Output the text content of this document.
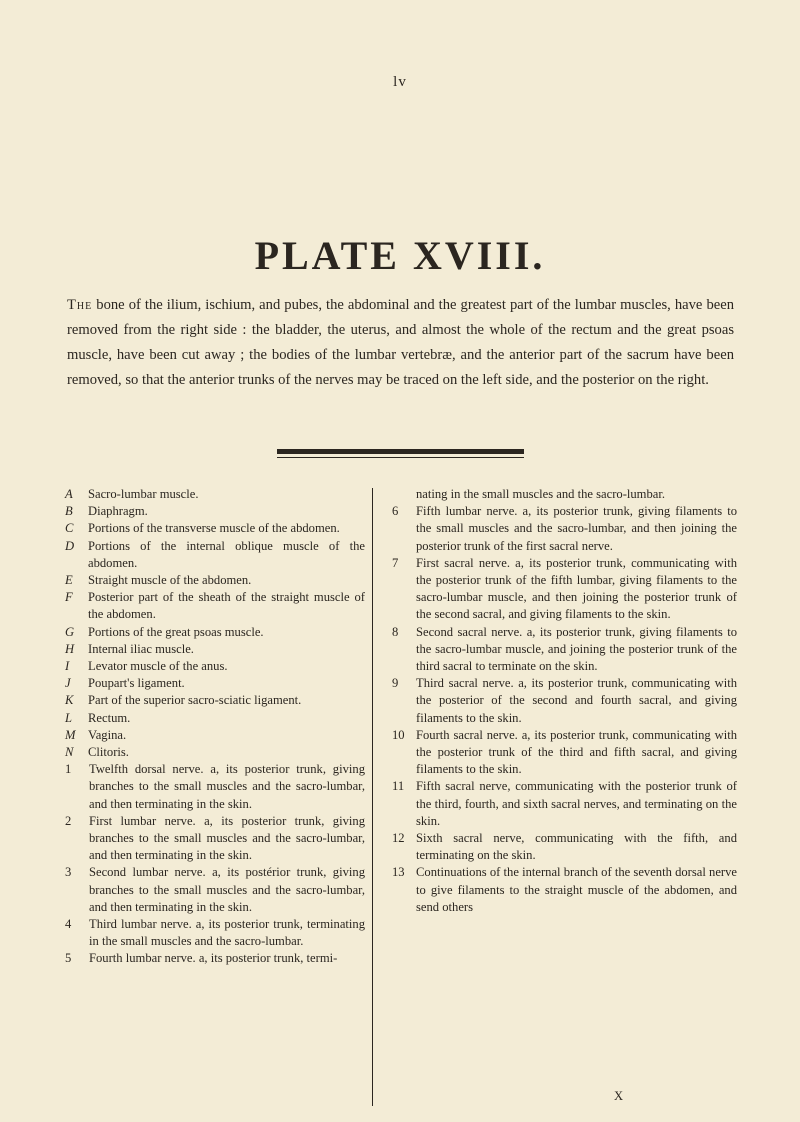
lv
PLATE XVIII.

The bone of the ilium, ischium, and pubes, the abdominal and the greatest part of the lumbar muscles, have been removed from the right side : the bladder, the uterus, and almost the whole of the rectum and the great psoas muscle, have been cut away ; the bodies of the lumbar vertebræ, and the anterior part of the sacrum have been removed, so that the anterior trunks of the nerves may be traced on the left side, and the posterior on the right.

A	Sacro-lumbar muscle.
B	Diaphragm.
C	Portions of the transverse muscle of the abdomen.
D	Portions of the internal oblique muscle of the abdomen.
E	Straight muscle of the abdomen.
F	Posterior part of the sheath of the straight muscle of the abdomen.
G	Portions of the great psoas muscle.
H	Internal iliac muscle.
I	Levator muscle of the anus.
J	Poupart's ligament.
K	Part of the superior sacro-sciatic ligament.
L	Rectum.
M Vagina.
N	Clitoris.
1	Twelfth dorsal nerve. a, its posterior trunk, giving branches to the small muscles and the sacro-lumbar, and then terminating in the skin.
2	First lumbar nerve. a, its posterior trunk, giving branches to the small muscles and the sacro-lumbar, and then terminating in the skin.
3	Second lumbar nerve. a, its postérior trunk, giving branches to the small muscles and the sacro-lumbar, and then terminating in the skin.
4	Third lumbar nerve. a, its posterior trunk, terminating in the small muscles and the sacro-lumbar.
5	Fourth lumbar nerve. a, its posterior trunk, termi-
nating in the small muscles and the sacro-lumbar.
6	Fifth lumbar nerve. a, its posterior trunk, giving filaments to the small muscles and the sacro-lumbar, and then joining the posterior trunk of the first sacral nerve.
7	First sacral nerve. a, its posterior trunk, communicating with the posterior trunk of the fifth lumbar, giving filaments to the sacro-lumbar muscle, and then joining the posterior trunk of the second sacral, and giving filaments to the skin.
8	Second sacral nerve. a, its posterior trunk, giving filaments to the sacro-lumbar muscle, and joining the posterior trunk of the third sacral to terminate on the skin.
9	Third sacral nerve. a, its posterior trunk, communicating with the posterior of the second and fourth sacral, and giving filaments to the skin.
10 Fourth sacral nerve. a, its posterior trunk, communicating with the posterior trunk of the third and fifth sacral, and giving filaments to the skin.
11 Fifth sacral nerve, communicating with the posterior trunk of the third, fourth, and sixth sacral nerves, and terminating on the skin.
12 Sixth sacral nerve, communicating with the fifth, and terminating on the skin.
13 Continuations of the internal branch of the seventh dorsal nerve to give filaments to the straight muscle of the abdomen, and send others
X
